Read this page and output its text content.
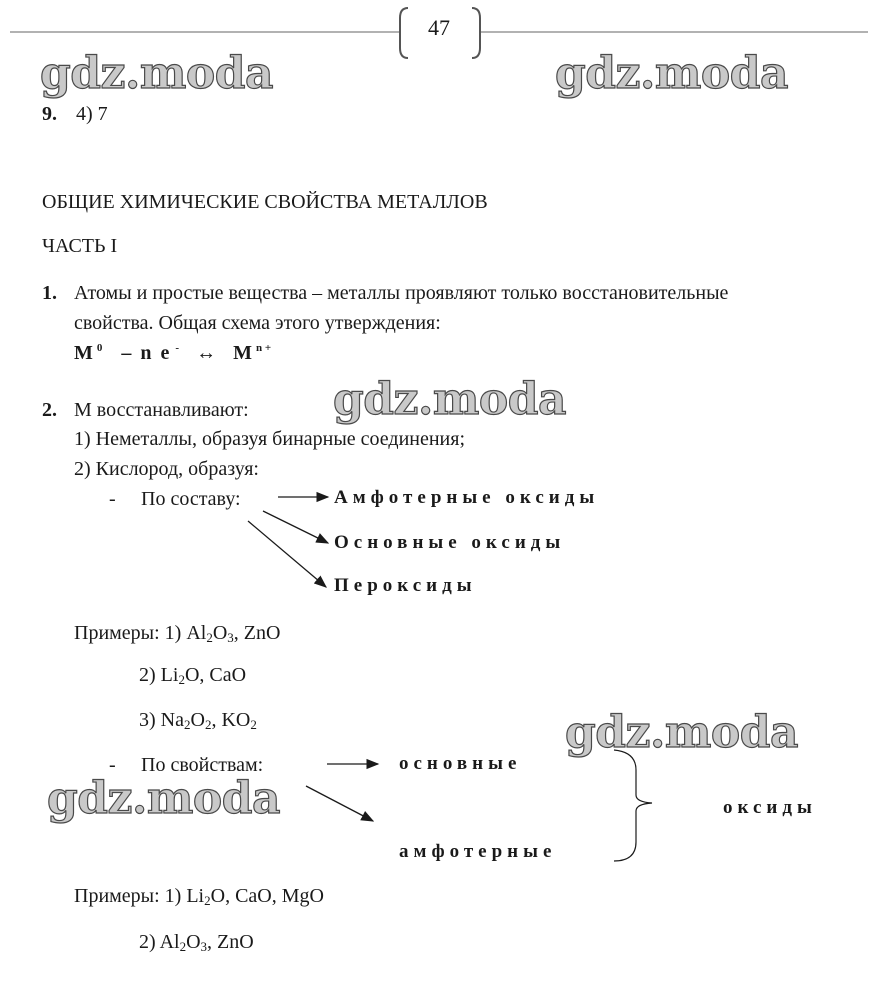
47
gdz.moda	gdz.moda
gdz.moda
gdz.moda
gdz.moda
9. 4) 7
ОБЩИЕ ХИМИЧЕСКИЕ СВОЙСТВА МЕТАЛЛОВ
ЧАСТЬ I
1. Атомы и простые вещества – металлы проявляют только восстановительные
свойства. Общая схема этого утверждения:
M $^0$ – n e - ↔ M $^{n +}$
2. М восстанавливают:
1) Неметаллы, образуя бинарные соединения;
2) Кислород, образуя:
- По составу:	Амфотерные оксиды
Основные оксиды
Пероксиды
Примеры: 1) $Al_2O_3$, ZnO
2) $Li_2O$, CaO
3) $Na_2O_2$, $KO_2$
- По свойствам:	основные
оксиды
амфотерные
Примеры: 1) $Li_2O$, CaO, MgO
2) $Al_2O_3$, ZnO
